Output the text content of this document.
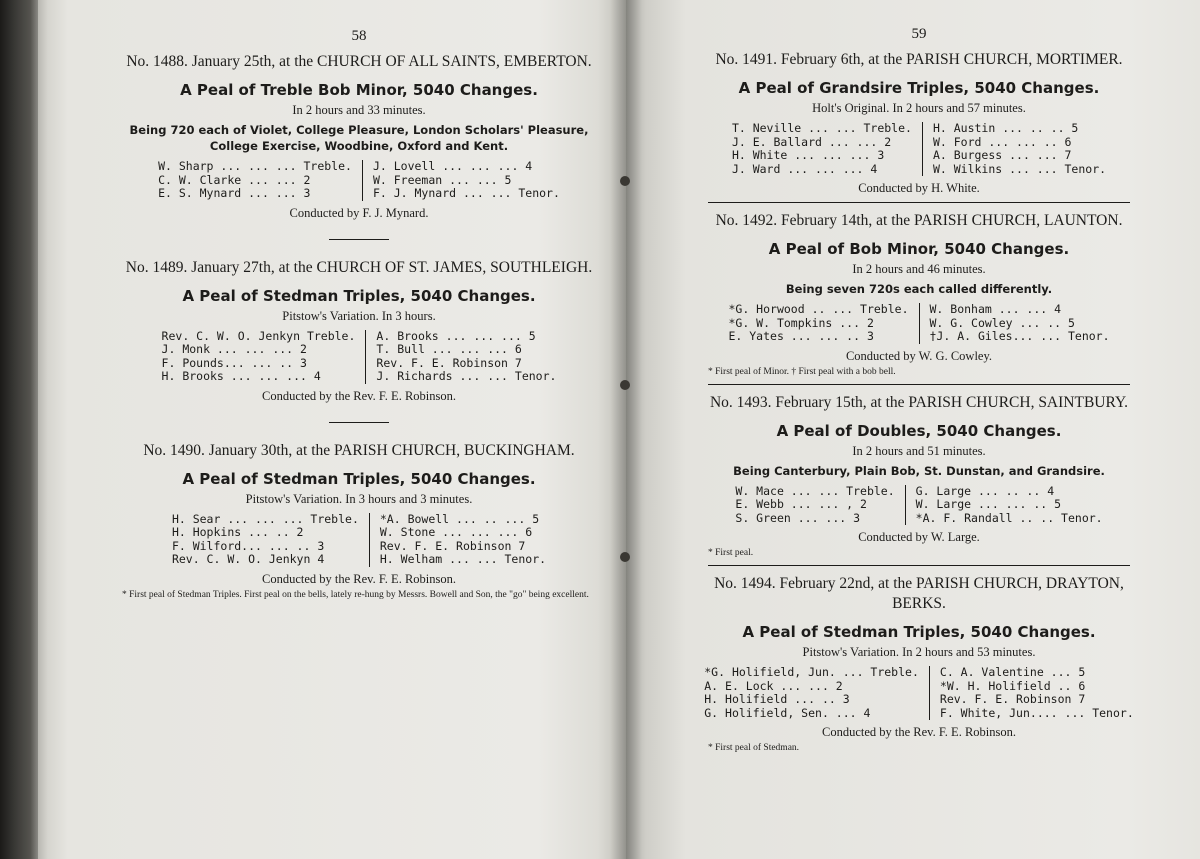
58
No. 1488. January 25th, at the CHURCH OF ALL SAINTS, EMBERTON.
A Peal of Treble Bob Minor, 5040 Changes.
In 2 hours and 33 minutes.
Being 720 each of Violet, College Pleasure, London Scholars' Pleasure, College Exercise, Woodbine, Oxford and Kent.
W. Sharp ... ... ... Treble.
C. W. Clarke ... ... 2
E. S. Mynard ... ... 3
J. Lovell ... ... ... 4
W. Freeman ... ... 5
F. J. Mynard ... ... Tenor.
Conducted by F. J. Mynard.
No. 1489. January 27th, at the CHURCH OF ST. JAMES, SOUTHLEIGH.
A Peal of Stedman Triples, 5040 Changes.
Pitstow's Variation. In 3 hours.
Rev. C. W. O. Jenkyn Treble.
J. Monk ... ... ... 2
F. Pounds... ... .. 3
H. Brooks ... ... ... 4
A. Brooks ... ... ... 5
T. Bull ... ... ... 6
Rev. F. E. Robinson 7
J. Richards ... ... Tenor.
Conducted by the Rev. F. E. Robinson.
No. 1490. January 30th, at the PARISH CHURCH, BUCKINGHAM.
A Peal of Stedman Triples, 5040 Changes.
Pitstow's Variation. In 3 hours and 3 minutes.
H. Sear ... ... ... Treble.
H. Hopkins ... .. 2
F. Wilford... ... .. 3
Rev. C. W. O. Jenkyn 4
*A. Bowell ... .. ... 5
W. Stone ... ... ... 6
Rev. F. E. Robinson 7
H. Welham ... ... Tenor.
Conducted by the Rev. F. E. Robinson.
* First peal of Stedman Triples. First peal on the bells, lately re-hung by Messrs. Bowell and Son, the "go" being excellent.
59
No. 1491. February 6th, at the PARISH CHURCH, MORTIMER.
A Peal of Grandsire Triples, 5040 Changes.
Holt's Original. In 2 hours and 57 minutes.
T. Neville ... ... Treble.
J. E. Ballard ... ... 2
H. White ... ... ... 3
J. Ward ... ... ... 4
H. Austin ... .. .. 5
W. Ford ... ... .. 6
A. Burgess ... ... 7
W. Wilkins ... ... Tenor.
Conducted by H. White.
No. 1492. February 14th, at the PARISH CHURCH, LAUNTON.
A Peal of Bob Minor, 5040 Changes.
In 2 hours and 46 minutes.
Being seven 720s each called differently.
*G. Horwood .. ... Treble.
*G. W. Tompkins ... 2
E. Yates ... ... .. 3
W. Bonham ... ... 4
W. G. Cowley ... .. 5
†J. A. Giles... ... Tenor.
Conducted by W. G. Cowley.
* First peal of Minor. † First peal with a bob bell.
No. 1493. February 15th, at the PARISH CHURCH, SAINTBURY.
A Peal of Doubles, 5040 Changes.
In 2 hours and 51 minutes.
Being Canterbury, Plain Bob, St. Dunstan, and Grandsire.
W. Mace ... ... Treble.
E. Webb ... ... , 2
S. Green ... ... 3
G. Large ... .. .. 4
W. Large ... ... .. 5
*A. F. Randall .. .. Tenor.
Conducted by W. Large.
* First peal.
No. 1494. February 22nd, at the PARISH CHURCH, DRAYTON, BERKS.
A Peal of Stedman Triples, 5040 Changes.
Pitstow's Variation. In 2 hours and 53 minutes.
*G. Holifield, Jun. ... Treble.
A. E. Lock ... ... 2
H. Holifield ... .. 3
G. Holifield, Sen. ... 4
C. A. Valentine ... 5
*W. H. Holifield .. 6
Rev. F. E. Robinson 7
F. White, Jun.... ... Tenor.
Conducted by the Rev. F. E. Robinson.
* First peal of Stedman.
